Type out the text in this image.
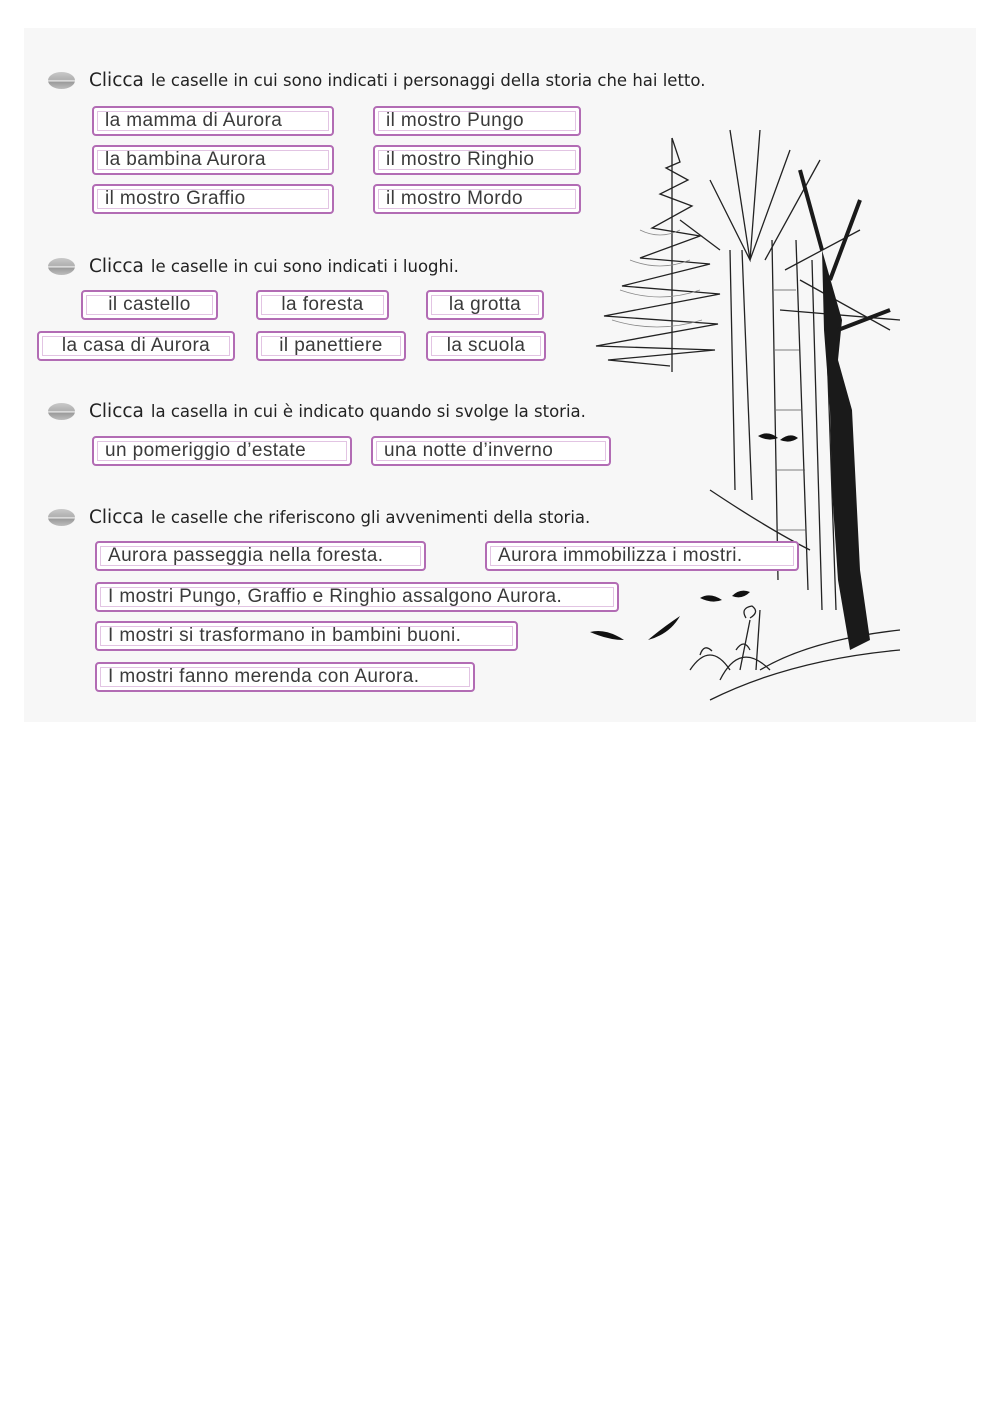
Clicca le caselle in cui sono indicati i personaggi della storia che hai letto.
la mamma di Aurora	il mostro Pungo
la bambina Aurora	il mostro Ringhio
il mostro Graffio	il mostro Mordo
Clicca le caselle in cui sono indicati i luoghi.
il castello	la foresta	la grotta
la casa di Aurora	il panettiere	la scuola
Clicca la casella in cui è indicato quando si svolge la storia.
un pomeriggio d’estate	una notte d’inverno
Clicca le caselle che riferiscono gli avvenimenti della storia.
Aurora passeggia nella foresta.	Aurora immobilizza i mostri.
I mostri Pungo, Graffio e Ringhio assalgono Aurora.
I mostri si trasformano in bambini buoni.
I mostri fanno merenda con Aurora.
